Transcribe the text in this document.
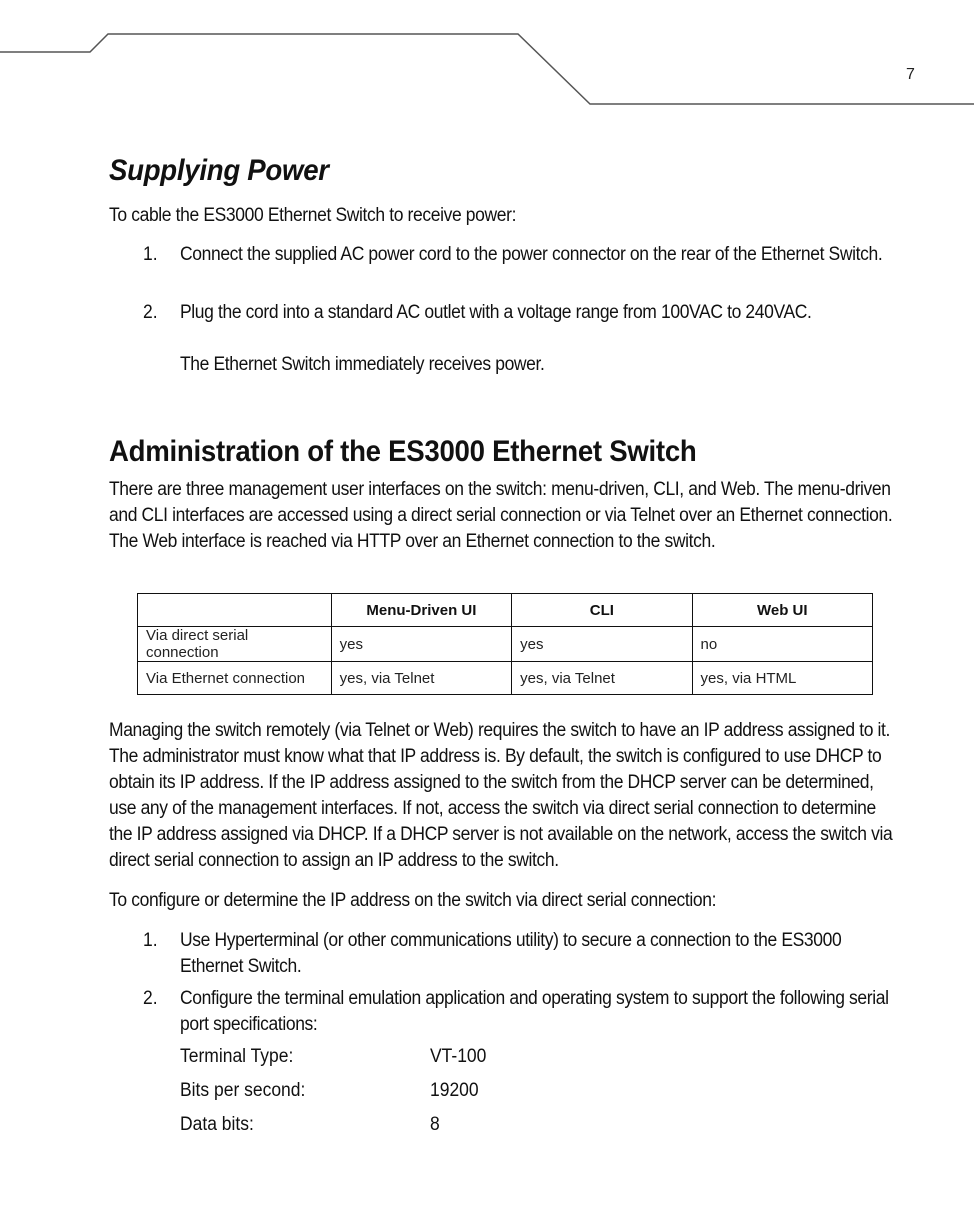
7
Supplying Power

To cable the ES3000 Ethernet Switch to receive power:

1. Connect the supplied AC power cord to the power connector on the rear of the Ethernet Switch.

2. Plug the cord into a standard AC outlet with a voltage range from 100VAC to 240VAC.

The Ethernet Switch immediately receives power.

Administration of the ES3000 Ethernet Switch

There are three management user interfaces on the switch: menu-driven, CLI, and Web. The menu-driven and CLI interfaces are accessed using a direct serial connection or via Telnet over an Ethernet connection. The Web interface is reached via HTTP over an Ethernet connection to the switch.

	Menu-Driven UI	CLI	Web UI
Via direct serial connection	yes	yes	no
Via Ethernet connection	yes, via Telnet	yes, via Telnet	yes, via HTML

Managing the switch remotely (via Telnet or Web) requires the switch to have an IP address assigned to it. The administrator must know what that IP address is. By default, the switch is configured to use DHCP to obtain its IP address. If the IP address assigned to the switch from the DHCP server can be determined, use any of the management interfaces. If not, access the switch via direct serial connection to determine the IP address assigned via DHCP. If a DHCP server is not available on the network, access the switch via direct serial connection to assign an IP address to the switch.

To configure or determine the IP address on the switch via direct serial connection:

1. Use Hyperterminal (or other communications utility) to secure a connection to the ES3000 Ethernet Switch.

2. Configure the terminal emulation application and operating system to support the following serial port specifications:

Terminal Type:	VT-100

Bits per second:	19200

Data bits:	8
